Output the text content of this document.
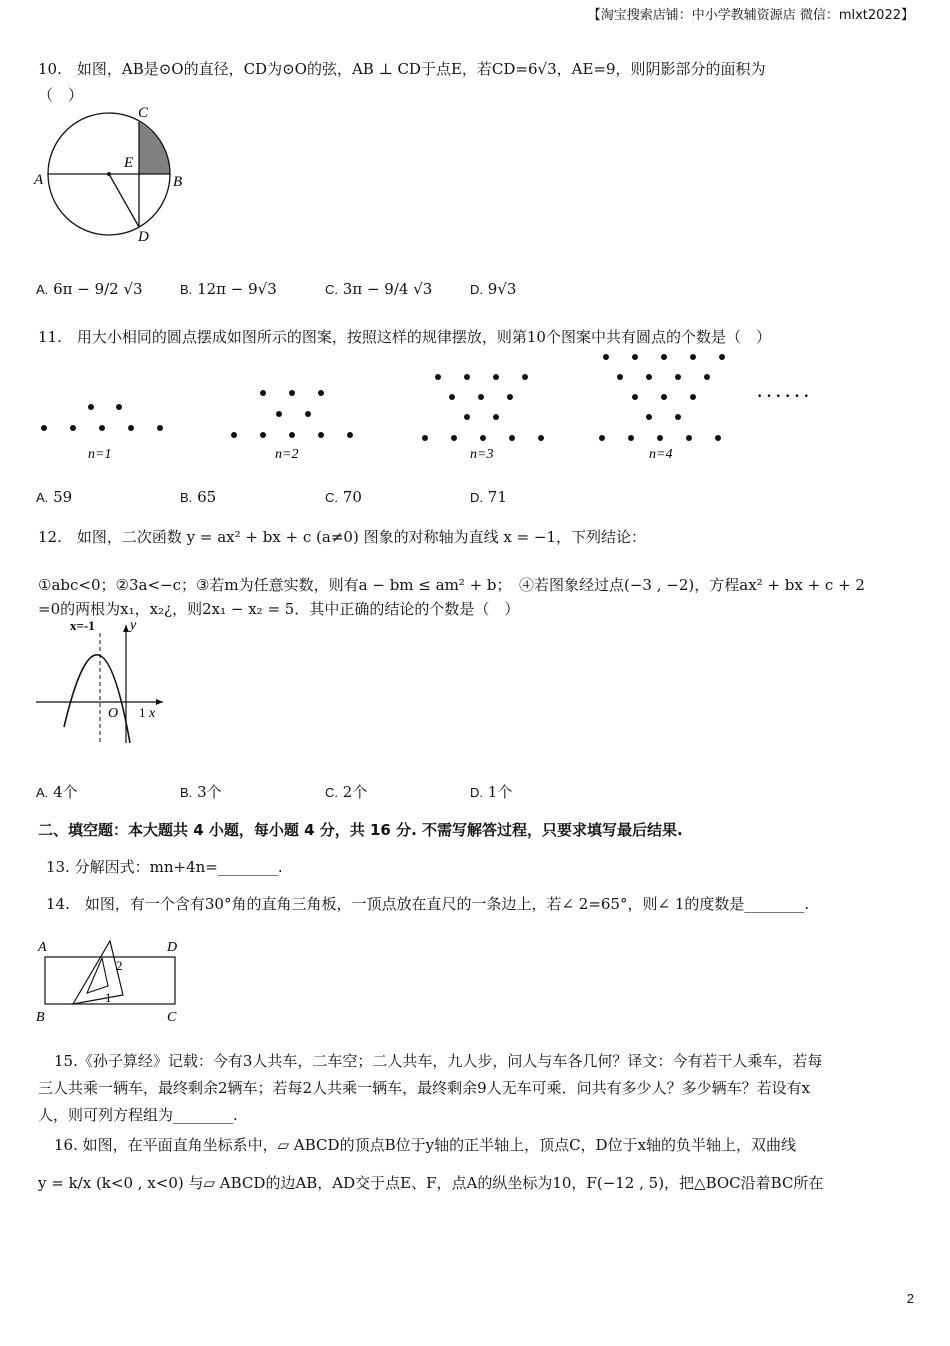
【淘宝搜索店铺：中小学教辅资源店 微信：mlxt2022】
10.　如图，AB是⊙O的直径，CD为⊙O的弦，AB ⊥ CD于点E，若CD=6√3，AE=9，则阴影部分的面积为
（　）
A	B
C
D
E
A. 6π − 9/2 √3	B. 12π − 9√3	C. 3π − 9/4 √3	D. 9√3
11.　用大小相同的圆点摆成如图所示的图案，按照这样的规律摆放，则第10个图案中共有圆点的个数是（　）
n=1	n=2	n=3	n=4
· · · · · ·
A. 59	B. 65	C. 70	D. 71
12.　如图，二次函数 y = ax² + bx + c (a≠0) 图象的对称轴为直线 x = −1，下列结论：
①abc<0；②3a<−c；③若m为任意实数，则有a − bm ≤ am² + b；　④若图象经过点(−3 , −2)，方程ax² + bx + c + 2
=0的两根为x₁，x₂¿，则2x₁ − x₂ = 5．其中正确的结论的个数是（　）
x=-1	y
O 1 x
A. 4个	B. 3个	C. 2个	D. 1个
二、填空题：本大题共 4 小题，每小题 4 分，共 16 分. 不需写解答过程，只要求填写最后结果.
13. 分解因式：mn+4n=________.
14.　如图，有一个含有30°角的直角三角板，一顶点放在直尺的一条边上，若∠ 2=65°，则∠ 1的度数是________.
A	D
B	C
2
1
15.《孙子算经》记载：今有3人共车，二车空；二人共车，九人步，问人与车各几何？译文：今有若干人乘车，若每
三人共乘一辆车，最终剩余2辆车；若每2人共乘一辆车，最终剩余9人无车可乘．问共有多少人？多少辆车？若设有x
人，则可列方程组为________.
16. 如图，在平面直角坐标系中，▱ ABCD的顶点B位于y轴的正半轴上，顶点C，D位于x轴的负半轴上，双曲线
y = k/x (k<0 , x<0) 与▱ ABCD的边AB，AD交于点E、F，点A的纵坐标为10，F(−12 , 5)，把△BOC沿着BC所在
2
